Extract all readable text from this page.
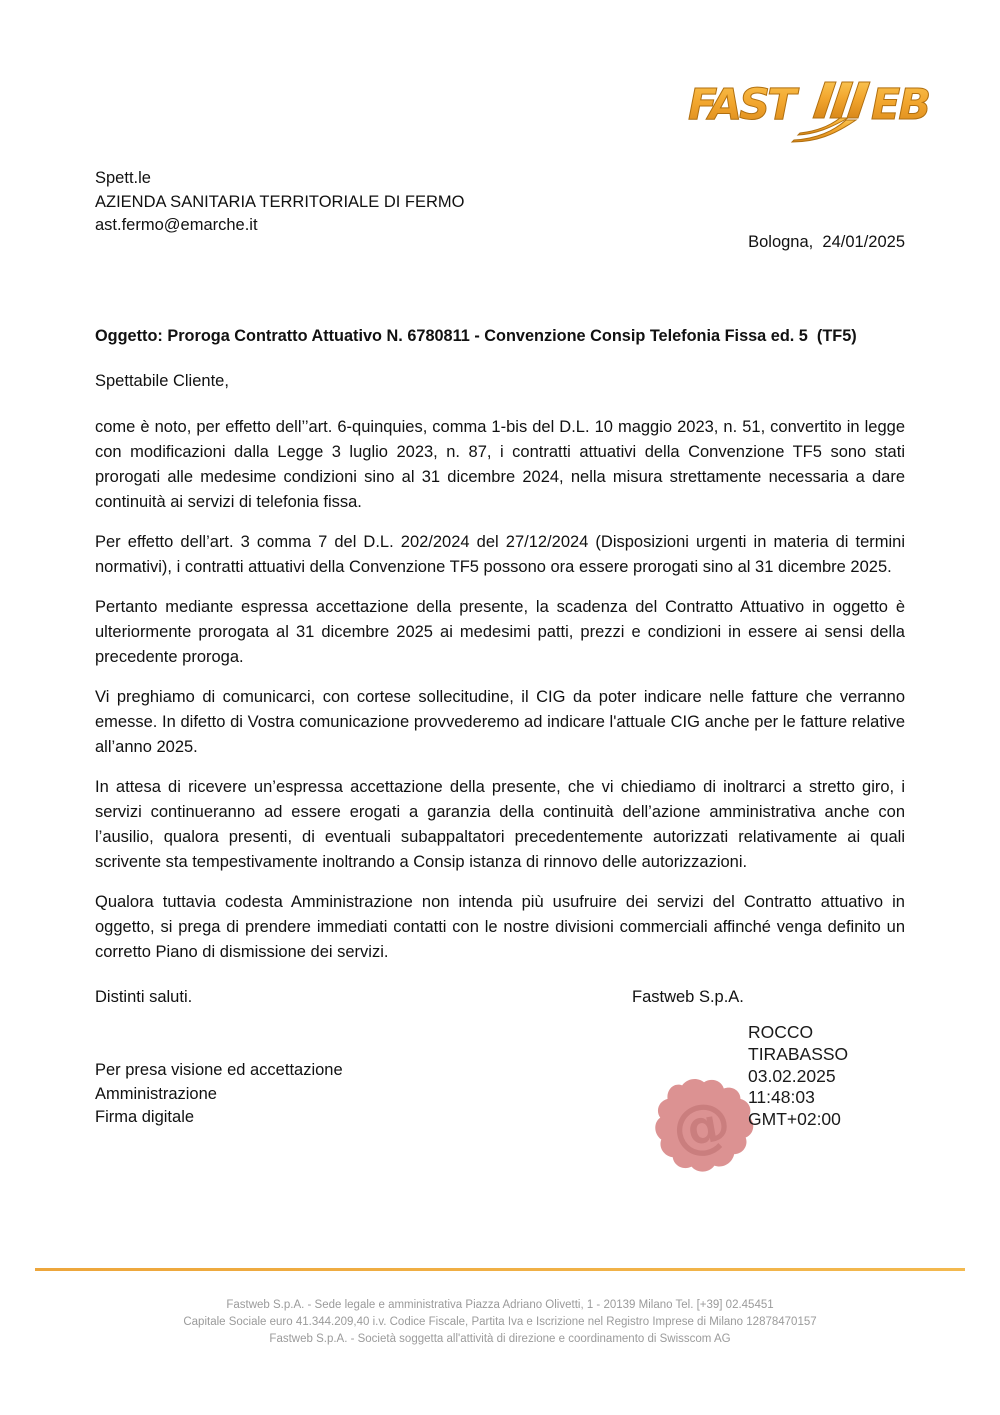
FAST EB
Spett.le
AZIENDA SANITARIA TERRITORIALE DI FERMO
ast.fermo@emarche.it
Bologna,  24/01/2025
Oggetto: Proroga Contratto Attuativo N. 6780811 - Convenzione Consip Telefonia Fissa ed. 5  (TF5)
Spettabile Cliente,

come è noto, per effetto dell’’art. 6-quinquies, comma 1-bis del D.L. 10 maggio 2023, n. 51, convertito in legge con modificazioni dalla Legge 3 luglio 2023, n. 87, i contratti attuativi della Convenzione TF5 sono stati prorogati alle medesime condizioni sino al 31 dicembre 2024, nella misura strettamente necessaria a dare continuità ai servizi di telefonia fissa.

Per effetto dell’art. 3 comma 7 del D.L. 202/2024 del 27/12/2024 (Disposizioni urgenti in materia di termini normativi), i contratti attuativi della Convenzione TF5 possono ora essere prorogati sino al 31 dicembre 2025.

Pertanto mediante espressa accettazione della presente, la scadenza del Contratto Attuativo in oggetto è ulteriormente prorogata al 31 dicembre 2025 ai medesimi patti, prezzi e condizioni in essere ai sensi della precedente proroga.

Vi preghiamo di comunicarci, con cortese sollecitudine, il CIG da poter indicare nelle fatture che verranno emesse. In difetto di Vostra comunicazione provvederemo ad indicare l'attuale CIG anche per le fatture relative all’anno 2025.

In attesa di ricevere un’espressa accettazione della presente, che vi chiediamo di inoltrarci a stretto giro, i servizi continueranno ad essere erogati a garanzia della continuità dell’azione amministrativa anche con l’ausilio, qualora presenti, di eventuali subappaltatori precedentemente autorizzati relativamente ai quali scrivente sta tempestivamente inoltrando a Consip istanza di rinnovo delle autorizzazioni.

Qualora tuttavia codesta Amministrazione non intenda più usufruire dei servizi del Contratto attuativo in oggetto, si prega di prendere immediati contatti con le nostre divisioni commerciali affinché venga definito un corretto Piano di dismissione dei servizi.

Distinti saluti.	Fastweb S.p.A.
@
ROCCO
TIRABASSO
03.02.2025
11:48:03
GMT+02:00
Per presa visione ed accettazione
Amministrazione
Firma digitale
Fastweb S.p.A. - Sede legale e amministrativa Piazza Adriano Olivetti, 1 - 20139 Milano Tel. [+39] 02.45451
Capitale Sociale euro 41.344.209,40 i.v. Codice Fiscale, Partita Iva e Iscrizione nel Registro Imprese di Milano 12878470157
Fastweb S.p.A. - Società soggetta all'attività di direzione e coordinamento di Swisscom AG
